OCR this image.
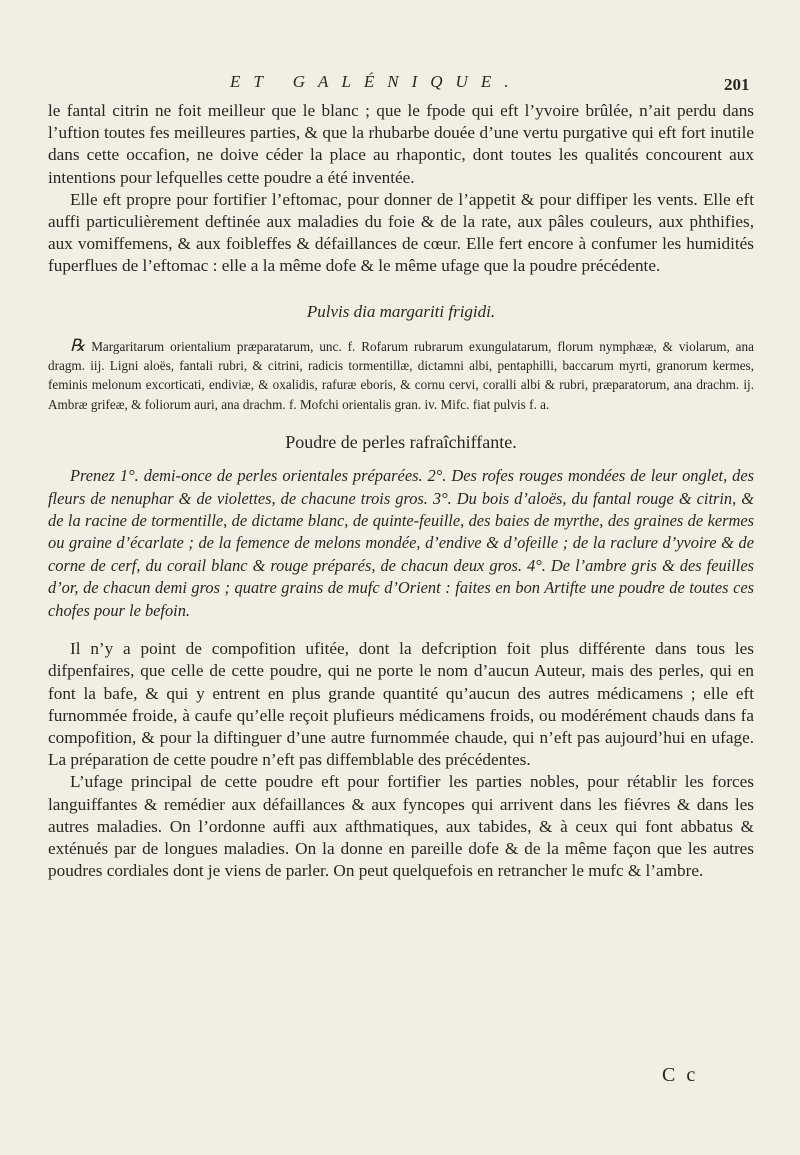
ET GALÉNIQUE.	201

le fantal citrin ne foit meilleur que le blanc ; que le fpode qui eft l’yvoire brûlée, n’ait perdu dans l’uftion toutes fes meilleures parties, & que la rhubarbe douée d’une vertu purgative qui eft fort inutile dans cette occafion, ne doive céder la place au rhapontic, dont toutes les qualités concourent aux intentions pour lefquelles cette poudre a été inventée.

Elle eft propre pour fortifier l’eftomac, pour donner de l’appetit & pour diffiper les vents. Elle eft auffi particulièrement deftinée aux maladies du foie & de la rate, aux pâles couleurs, aux phthifies, aux vomiffemens, & aux foibleffes & défaillances de cœur. Elle fert encore à confumer les humidités fuperflues de l’eftomac : elle a la même dofe & le même ufage que la poudre précédente.

Pulvis dia margariti frigidi.

℞ Margaritarum orientalium præparatarum, unc. f. Rofarum rubrarum exungulatarum, florum nymphææ, & violarum, ana dragm. iij. Ligni aloës, fantali rubri, & citrini, radicis tormentillæ, dictamni albi, pentaphilli, baccarum myrti, granorum kermes, feminis melonum excorticati, endiviæ, & oxalidis, rafuræ eboris, & cornu cervi, coralli albi & rubri, præparatorum, ana drachm. ij. Ambræ grifeæ, & foliorum auri, ana drachm. f. Mofchi orientalis gran. iv. Mifc. fiat pulvis f. a.

Poudre de perles rafraîchiffante.

Prenez 1°. demi-once de perles orientales préparées. 2°. Des rofes rouges mondées de leur onglet, des fleurs de nenuphar & de violettes, de chacune trois gros. 3°. Du bois d’aloës, du fantal rouge & citrin, & de la racine de tormentille, de dictame blanc, de quinte-feuille, des baies de myrthe, des graines de kermes ou graine d’écarlate ; de la femence de melons mondée, d’endive & d’ofeille ; de la raclure d’yvoire & de corne de cerf, du corail blanc & rouge préparés, de chacun deux gros. 4°. De l’ambre gris & des feuilles d’or, de chacun demi gros ; quatre grains de mufc d’Orient : faites en bon Artifte une poudre de toutes ces chofes pour le befoin.

Il n’y a point de compofition ufitée, dont la defcription foit plus différente dans tous les difpenfaires, que celle de cette poudre, qui ne porte le nom d’aucun Auteur, mais des perles, qui en font la bafe, & qui y entrent en plus grande quantité qu’aucun des autres médicamens ; elle eft furnommée froide, à caufe qu’elle reçoit plufieurs médicamens froids, ou modérément chauds dans fa compofition, & pour la diftinguer d’une autre furnommée chaude, qui n’eft pas aujourd’hui en ufage. La préparation de cette poudre n’eft pas diffemblable des précédentes.

L’ufage principal de cette poudre eft pour fortifier les parties nobles, pour rétablir les forces languiffantes & remédier aux défaillances & aux fyncopes qui arrivent dans les fiévres & dans les autres maladies. On l’ordonne auffi aux afthmatiques, aux tabides, & à ceux qui font abbatus & exténués par de longues maladies. On la donne en pareille dofe & de la même façon que les autres poudres cordiales dont je viens de parler. On peut quelquefois en retrancher le mufc & l’ambre.

C c
